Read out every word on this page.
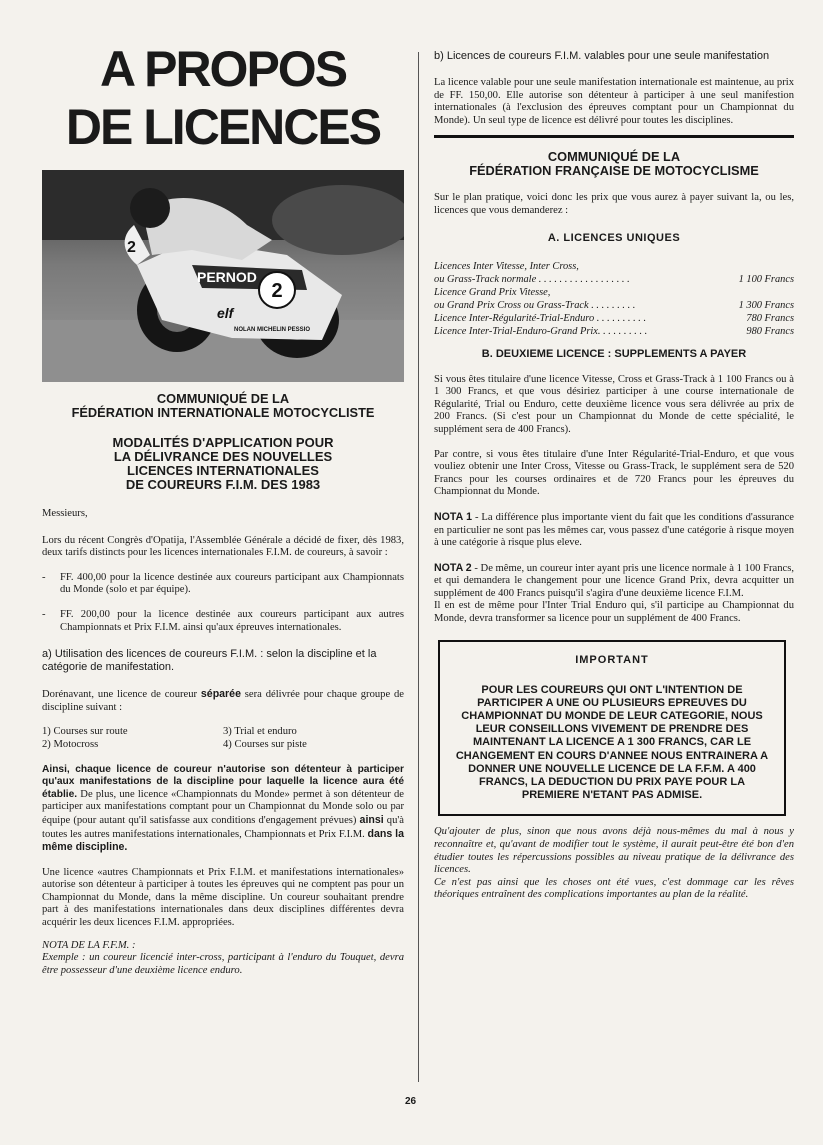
A PROPOS
DE LICENCES
2
PERNOD
elf
NOLAN MICHELIN PESSIO
2
COMMUNIQUÉ DE LA
FÉDÉRATION INTERNATIONALE MOTOCYCLISTE
MODALITÉS D'APPLICATION POUR
LA DÉLIVRANCE DES NOUVELLES
LICENCES INTERNATIONALES
DE COUREURS F.I.M. DES 1983

Messieurs,

Lors du récent Congrès d'Opatija, l'Assemblée Générale a décidé de fixer, dès 1983, deux tarifs distincts pour les licences internationales F.I.M. de coureurs, à savoir :

-	FF. 400,00 pour la licence destinée aux coureurs participant aux Championnats du Monde (solo et par équipe).
-	FF. 200,00 pour la licence destinée aux coureurs participant aux autres Championnats et Prix F.I.M. ainsi qu'aux épreuves internationales.

a) Utilisation des licences de coureurs F.I.M. : selon la discipline et la catégorie de manifestation.

Dorénavant, une licence de coureur séparée sera délivrée pour chaque groupe de discipline suivant :

1) Courses sur route	3) Trial et enduro
2) Motocross	4) Courses sur piste

Ainsi, chaque licence de coureur n'autorise son détenteur à participer qu'aux manifestations de la discipline pour laquelle la licence aura été établie. De plus, une licence «Championnats du Monde» permet à son détenteur de participer aux manifestations comptant pour un Championnat du Monde solo ou par équipe (pour autant qu'il satisfasse aux conditions d'engagement prévues) ainsi qu'à toutes les autres manifestations internationales, Championnats et Prix F.I.M. dans la même discipline.

Une licence «autres Championnats et Prix F.I.M. et manifestations internationales» autorise son détenteur à participer à toutes les épreuves qui ne comptent pas pour un Championnat du Monde, dans la même discipline. Un coureur souhaitant prendre part à des manifestations internationales dans deux disciplines différentes devra acquérir les deux licences F.I.M. appropriées.

NOTA DE LA F.F.M. :

Exemple : un coureur licencié inter-cross, participant à l'enduro du Touquet, devra être possesseur d'une deuxième licence enduro.

b) Licences de coureurs F.I.M. valables pour une seule manifestation

La licence valable pour une seule manifestation internationale est maintenue, au prix de FF. 150,00. Elle autorise son détenteur à participer à une seul manifestion internationales (à l'exclusion des épreuves comptant pour un Championnat du Monde). Un seul type de licence est délivré pour toutes les disciplines.

COMMUNIQUÉ DE LA
FÉDÉRATION FRANÇAISE DE MOTOCYCLISME

Sur le plan pratique, voici donc les prix que vous aurez à payer suivant la, ou les, licences que vous demanderez :

A. LICENCES UNIQUES
Licences Inter Vitesse, Inter Cross,
ou Grass-Track normale . . . . . . . . . . . . . . . . . .	1 100 Francs
Licence Grand Prix Vitesse,
ou Grand Prix Cross ou Grass-Track . . . . . . . . .	1 300 Francs
Licence Inter-Régularité-Trial-Enduro . . . . . . . . . .	780 Francs
Licence Inter-Trial-Enduro-Grand Prix. . . . . . . . . .	980 Francs
B. DEUXIEME LICENCE : SUPPLEMENTS A PAYER

Si vous êtes titulaire d'une licence Vitesse, Cross et Grass-Track à 1 100 Francs ou à 1 300 Francs, et que vous désiriez participer à une course internationale de Régularité, Trial ou Enduro, cette deuxième licence vous sera délivrée au prix de 200 Francs. (Si c'est pour un Championnat du Monde de cette spécialité, le supplément sera de 400 Francs).

Par contre, si vous êtes titulaire d'une Inter Régularité-Trial-Enduro, et que vous vouliez obtenir une Inter Cross, Vitesse ou Grass-Track, le supplément sera de 520 Francs pour les courses ordinaires et de 720 Francs pour les épreuves du Championnat du Monde.

NOTA 1 - La différence plus importante vient du fait que les conditions d'assurance en particulier ne sont pas les mêmes car, vous passez d'une catégorie à risque moyen à une catégorie à risque plus eleve.

NOTA 2 - De même, un coureur inter ayant pris une licence normale à 1 100 Francs, et qui demandera le changement pour une licence Grand Prix, devra acquitter un supplément de 400 Francs puisqu'il s'agira d'une deuxième licence F.I.M.

Il en est de même pour l'Inter Trial Enduro qui, s'il participe au Championnat du Monde, devra transformer sa licence pour un supplément de 400 Francs.

IMPORTANT
POUR LES COUREURS QUI ONT L'INTENTION DE PARTICIPER A UNE OU PLUSIEURS EPREUVES DU CHAMPIONNAT DU MONDE DE LEUR CATEGORIE, NOUS LEUR CONSEILLONS VIVEMENT DE PRENDRE DES MAINTENANT LA LICENCE A 1 300 FRANCS, CAR LE CHANGEMENT EN COURS D'ANNEE NOUS ENTRAINERA A DONNER UNE NOUVELLE LICENCE DE LA F.F.M. A 400 FRANCS, LA DEDUCTION DU PRIX PAYE POUR LA PREMIERE N'ETANT PAS ADMISE.

Qu'ajouter de plus, sinon que nous avons déjà nous-mêmes du mal à nous y reconnaître et, qu'avant de modifier tout le système, il aurait peut-être été bon d'en étudier toutes les répercussions possibles au niveau pratique de la délivrance des licences.

Ce n'est pas ainsi que les choses ont été vues, c'est dommage car les rêves théoriques entraînent des complications importantes au plan de la réalité.

26
